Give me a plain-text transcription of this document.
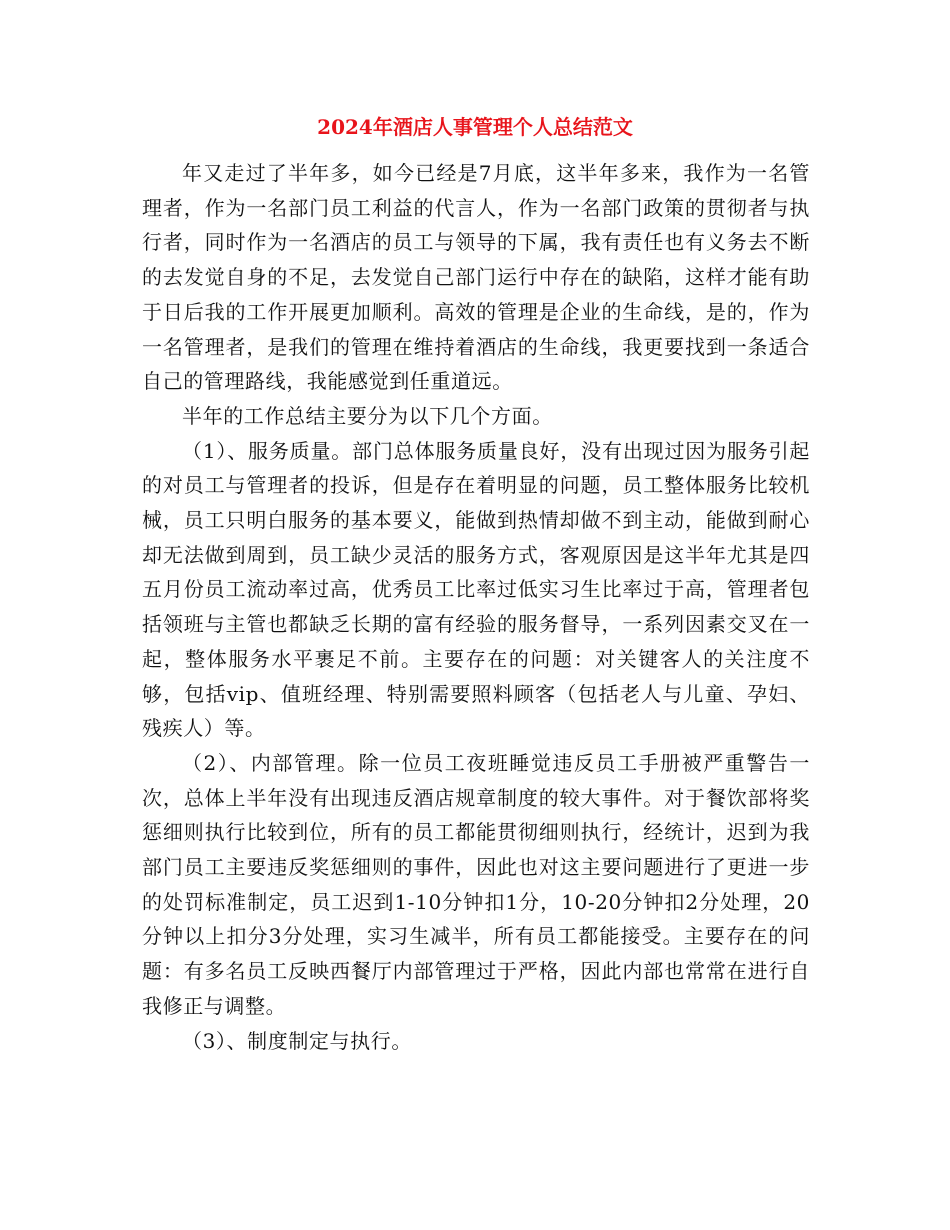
2024年酒店人事管理个人总结范文

年又走过了半年多，如今已经是7月底，这半年多来，我作为一名管理者，作为一名部门员工利益的代言人，作为一名部门政策的贯彻者与执行者，同时作为一名酒店的员工与领导的下属，我有责任也有义务去不断的去发觉自身的不足，去发觉自己部门运行中存在的缺陷，这样才能有助于日后我的工作开展更加顺利。高效的管理是企业的生命线，是的，作为一名管理者，是我们的管理在维持着酒店的生命线，我更要找到一条适合自己的管理路线，我能感觉到任重道远。

半年的工作总结主要分为以下几个方面。

（1）、服务质量。部门总体服务质量良好，没有出现过因为服务引起的对员工与管理者的投诉，但是存在着明显的问题，员工整体服务比较机械，员工只明白服务的基本要义，能做到热情却做不到主动，能做到耐心却无法做到周到，员工缺少灵活的服务方式，客观原因是这半年尤其是四五月份员工流动率过高，优秀员工比率过低实习生比率过于高，管理者包括领班与主管也都缺乏长期的富有经验的服务督导，一系列因素交叉在一起，整体服务水平裹足不前。主要存在的问题：对关键客人的关注度不够，包括vip、值班经理、特别需要照料顾客（包括老人与儿童、孕妇、残疾人）等。

（2）、内部管理。除一位员工夜班睡觉违反员工手册被严重警告一次，总体上半年没有出现违反酒店规章制度的较大事件。对于餐饮部将奖惩细则执行比较到位，所有的员工都能贯彻细则执行，经统计，迟到为我部门员工主要违反奖惩细则的事件，因此也对这主要问题进行了更进一步的处罚标准制定，员工迟到1-10分钟扣1分，10-20分钟扣2分处理，20分钟以上扣分3分处理，实习生减半，所有员工都能接受。主要存在的问题：有多名员工反映西餐厅内部管理过于严格，因此内部也常常在进行自我修正与调整。

（3）、制度制定与执行。
